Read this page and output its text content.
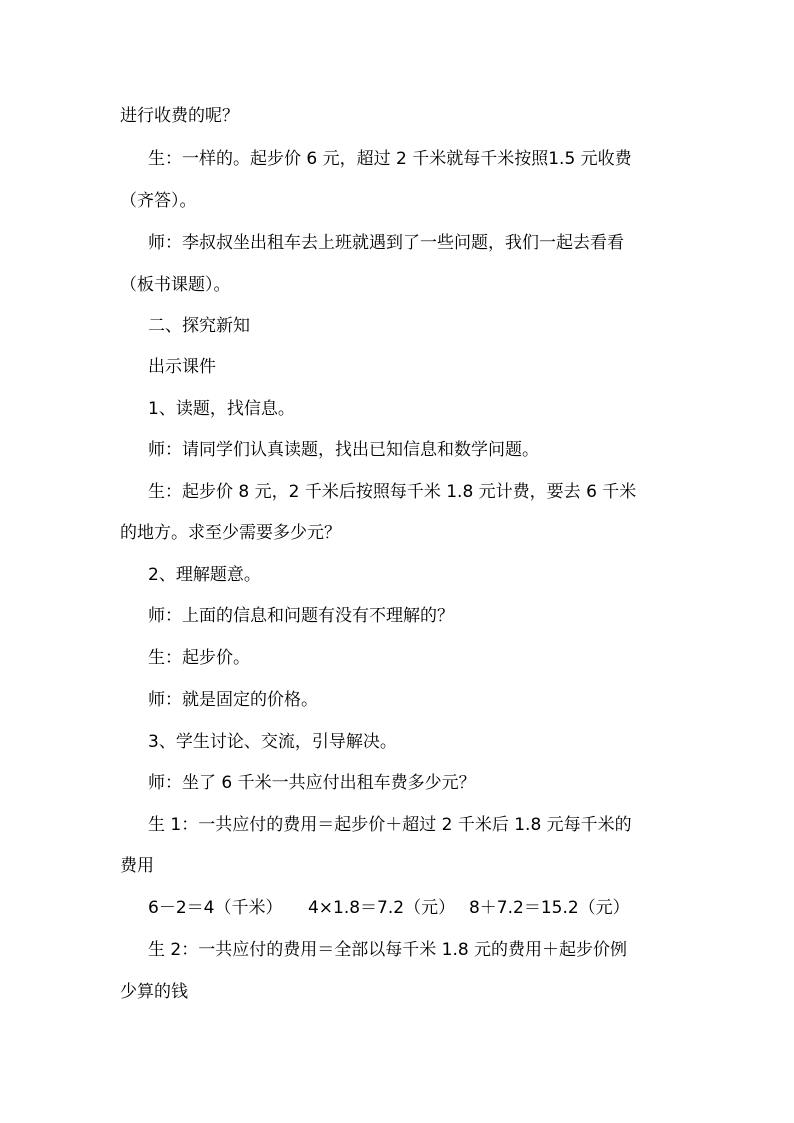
进行收费的呢？
生：一样的。起步价 6 元，超过 2 千米就每千米按照1.5 元收费
（齐答）。
师：李叔叔坐出租车去上班就遇到了一些问题，我们一起去看看
（板书课题）。
二、探究新知
出示课件
1、读题，找信息。
师：请同学们认真读题，找出已知信息和数学问题。
生：起步价 8 元，2 千米后按照每千米 1.8 元计费，要去 6 千米
的地方。求至少需要多少元？
2、理解题意。
师：上面的信息和问题有没有不理解的？
生：起步价。
师：就是固定的价格。
3、学生讨论、交流，引导解决。
师：坐了 6 千米一共应付出租车费多少元？
生 1：一共应付的费用＝起步价＋超过 2 千米后 1.8 元每千米的
费用
6－2＝4（千米）　　4×1.8＝7.2（元）　 8＋7.2＝15.2（元）
生 2：一共应付的费用＝全部以每千米 1.8 元的费用＋起步价例
少算的钱
